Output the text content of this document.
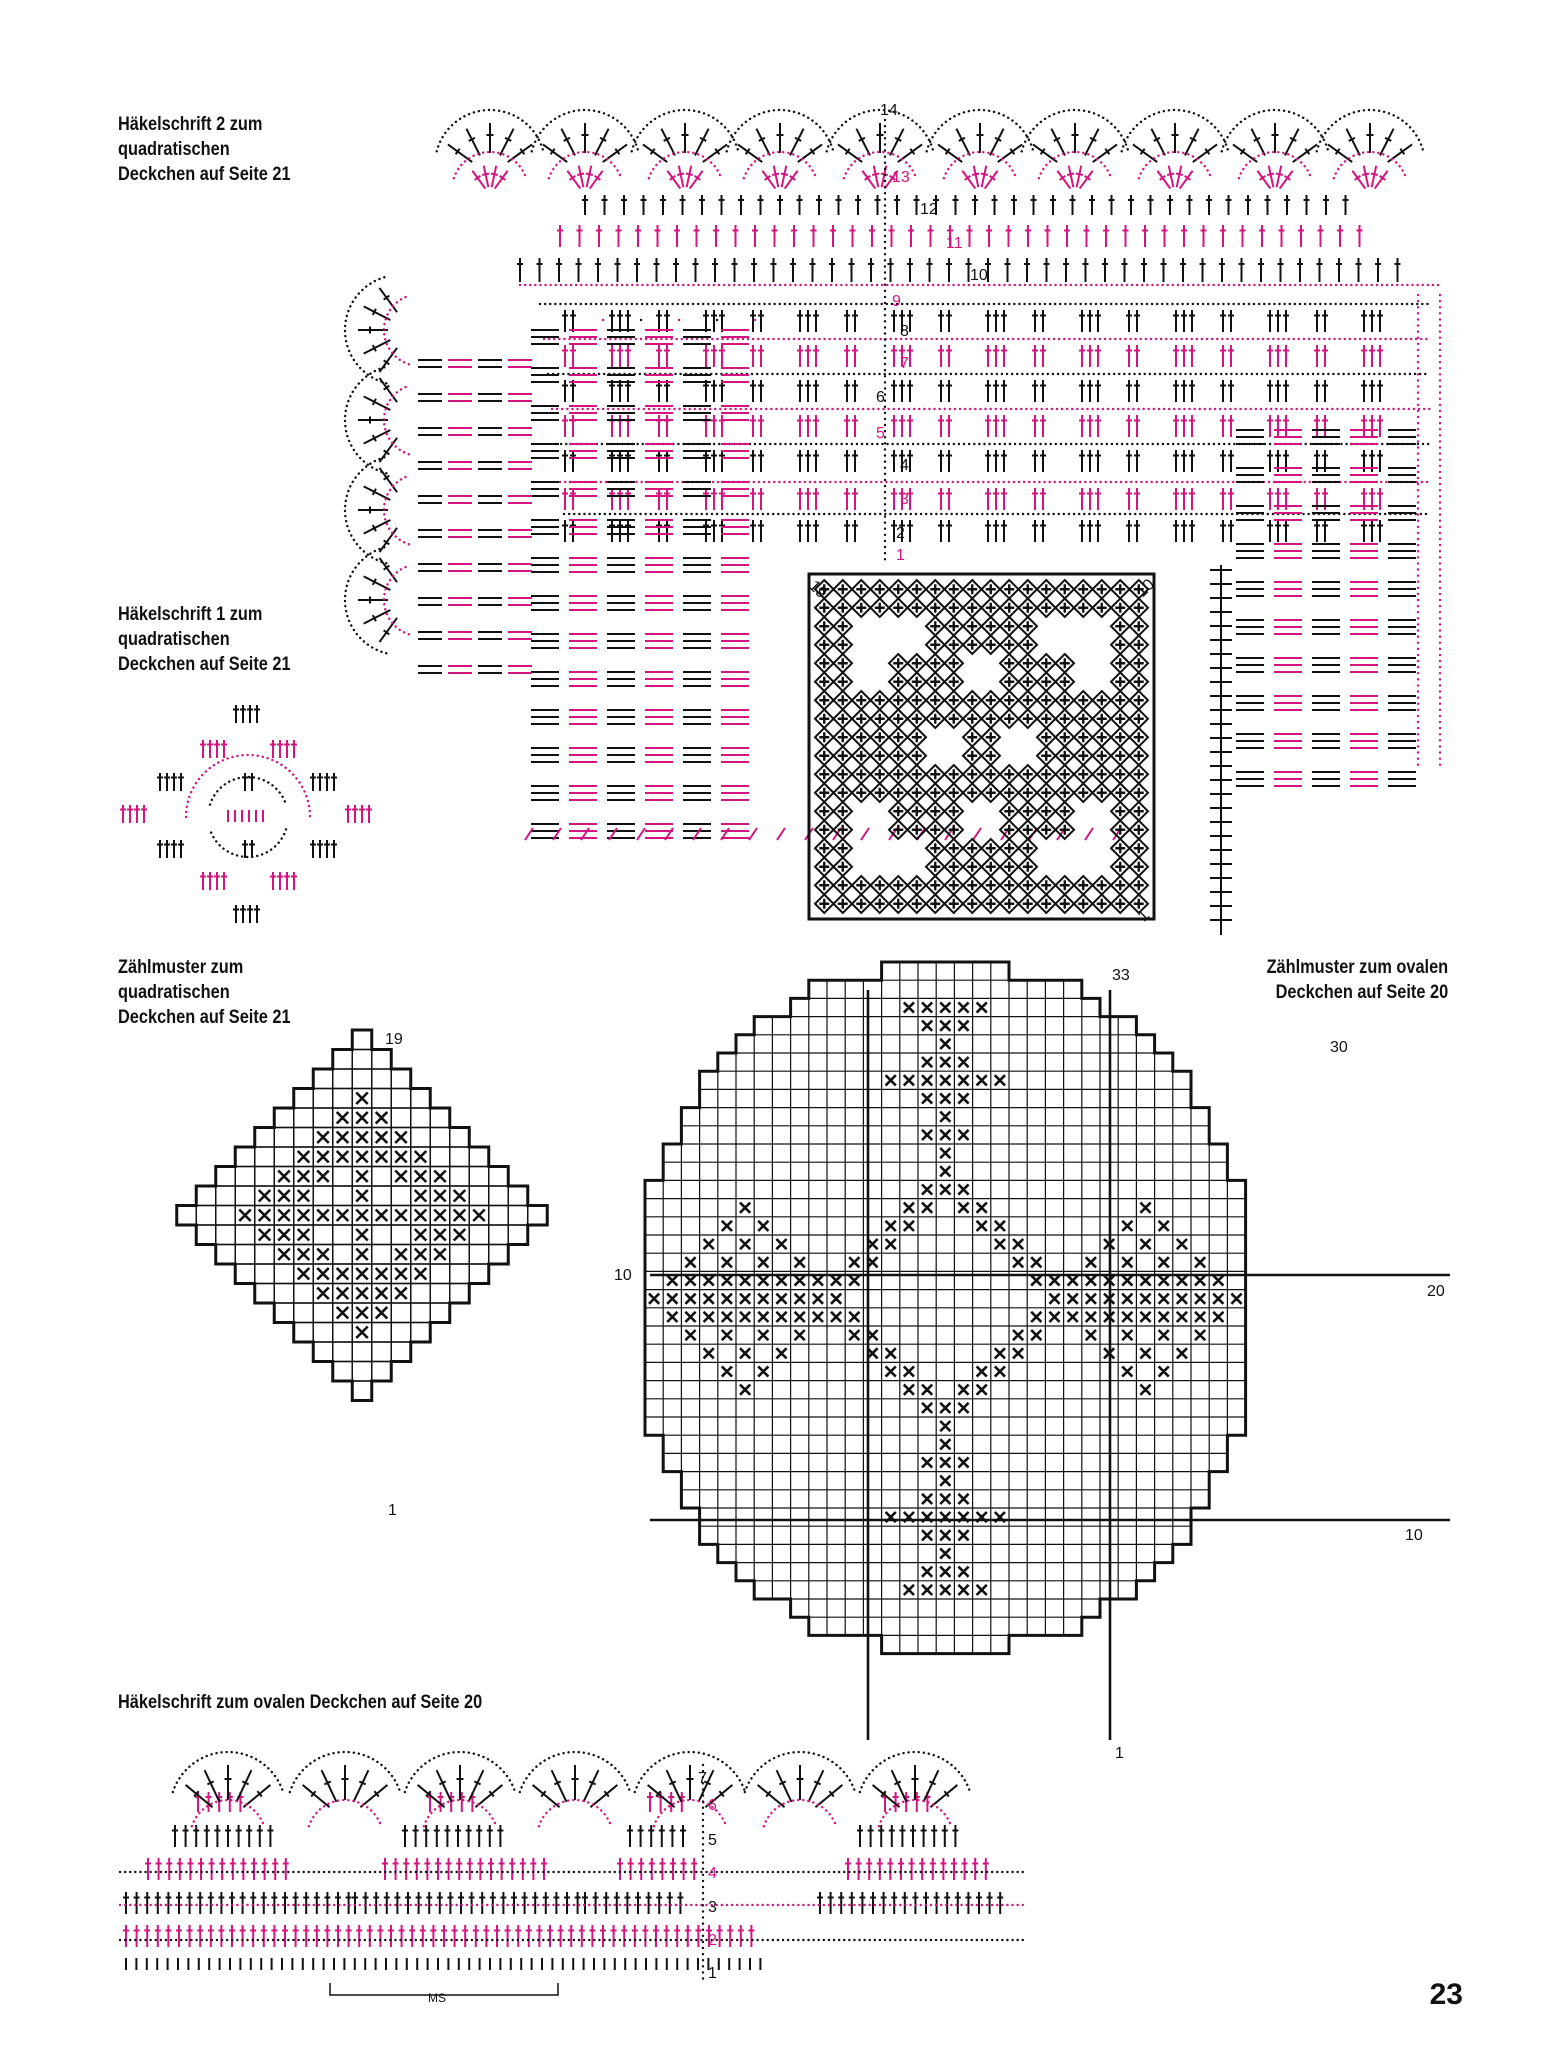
Häkelschrift 2 zum
quadratischen
Deckchen auf Seite 21
Häkelschrift 1 zum
quadratischen
Deckchen auf Seite 21
Zählmuster zum
quadratischen
Deckchen auf Seite 21
Zählmuster zum ovalen
Deckchen auf Seite 20
Häkelschrift zum ovalen Deckchen auf Seite 20
23
14
13
12
11
10
9
8
7
6
5
4
3
2
1
19	10
1
19
10
1
33
30
20
10
1
7
6
5
4
3
2
1
MS
